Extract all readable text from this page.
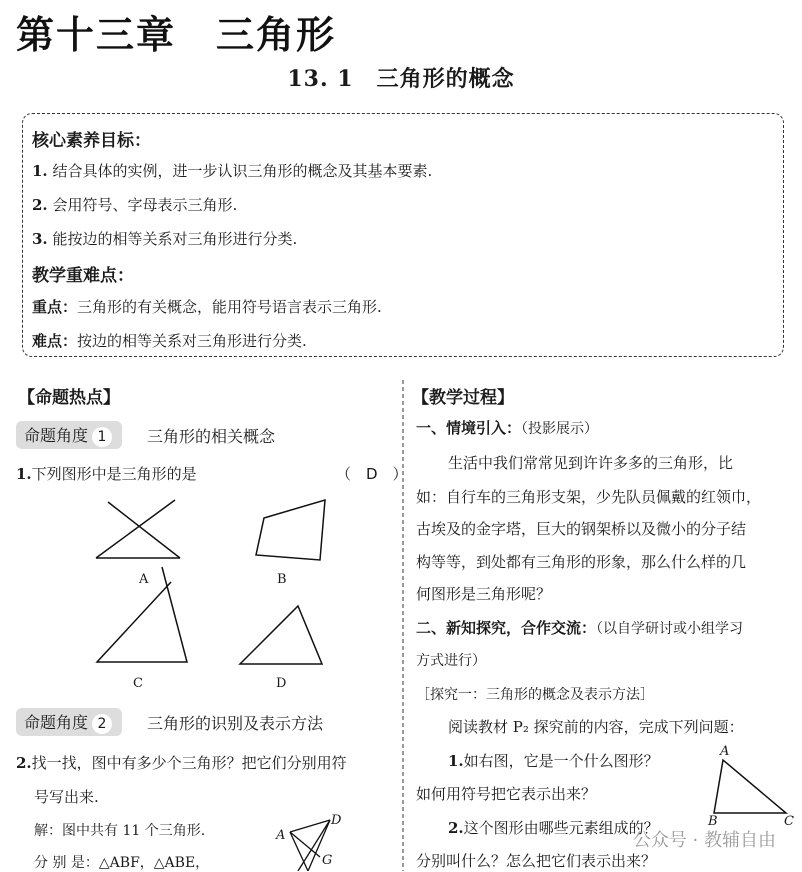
第十三章　三角形
13. 1　三角形的概念
核心素养目标：
1. 结合具体的实例，进一步认识三角形的概念及其基本要素.
2. 会用符号、字母表示三角形.
3. 能按边的相等关系对三角形进行分类.
教学重难点：
重点：三角形的有关概念，能用符号语言表示三角形.
难点：按边的相等关系对三角形进行分类.
【命题热点】
命题角度 1	三角形的相关概念
1.下列图形中是三角形的是	（　D　）
A	B
C	D
命题角度 2	三角形的识别及表示方法
2.找一找，图中有多少个三角形？把它们分别用符
号写出来.
解：图中共有 11 个三角形.
分 别 是：△ABF，△ABE，
A
D
G
【教学过程】
一、情境引入：（投影展示）
生活中我们常常见到许许多多的三角形，比
如：自行车的三角形支架，少先队员佩戴的红领巾，
古埃及的金字塔，巨大的钢架桥以及微小的分子结
构等等，到处都有三角形的形象，那么什么样的几
何图形是三角形呢？
二、新知探究，合作交流：（以自学研讨或小组学习
方式进行）
［探究一：三角形的概念及表示方法］
阅读教材 P₂ 探究前的内容，完成下列问题：
1.如右图，它是一个什么图形？
如何用符号把它表示出来？
2.这个图形由哪些元素组成的？
分别叫什么？怎么把它们表示出来？
A
B	C
公众号 · 教辅自由
